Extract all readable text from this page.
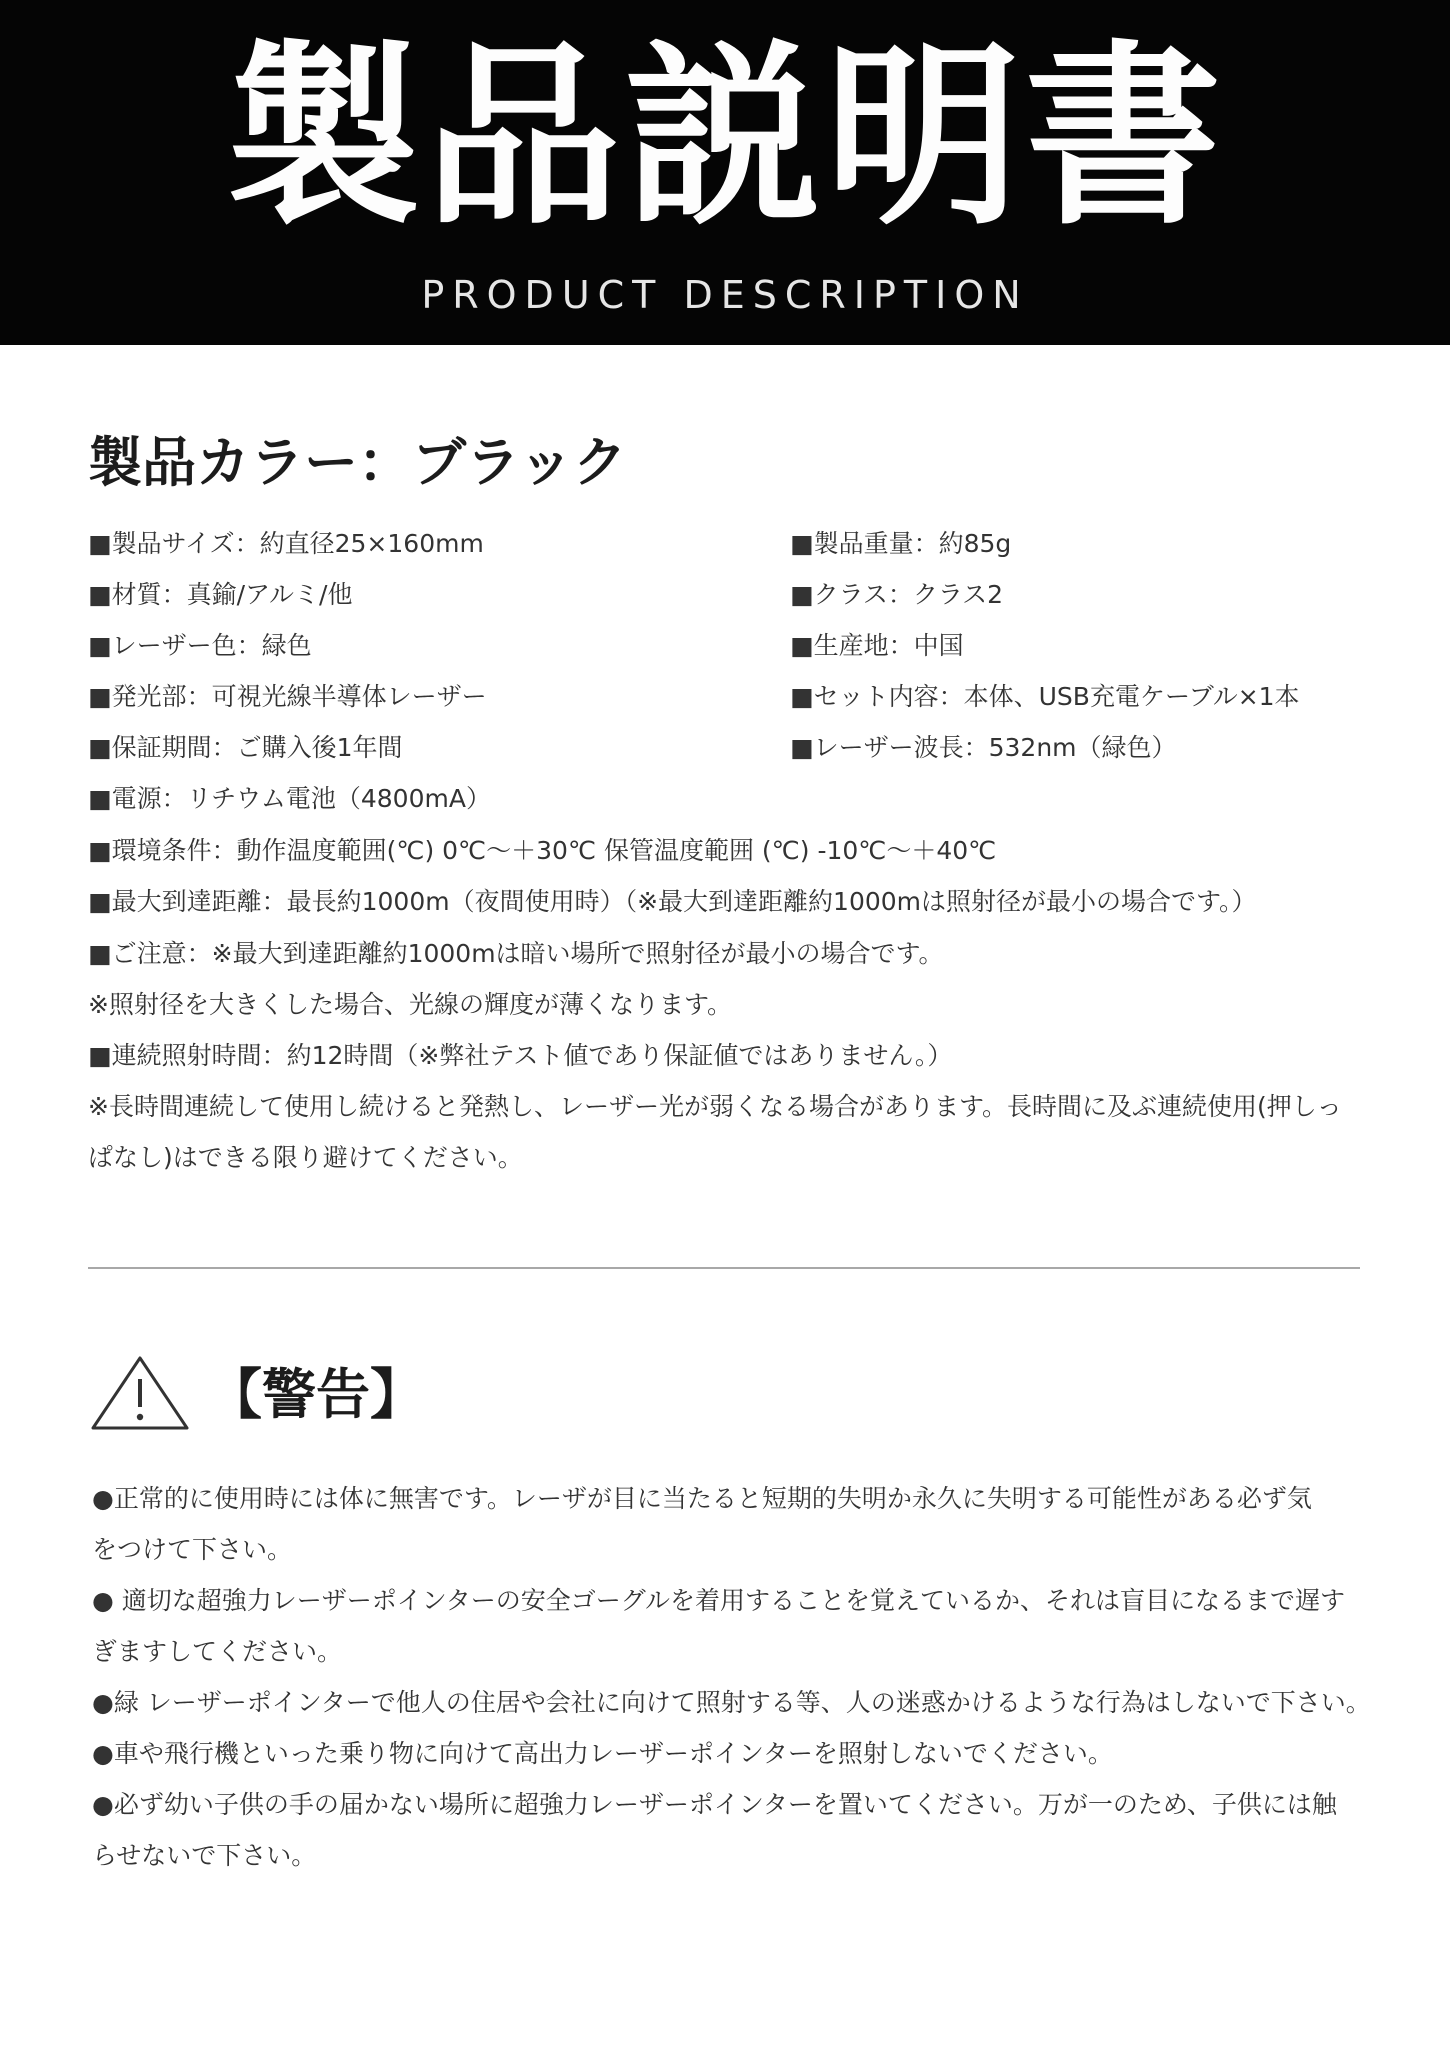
製品説明書
PRODUCT DESCRIPTION
製品カラー：ブラック
■製品サイズ：約直径25×160mm
■材質：真鍮/アルミ/他
■レーザー色：緑色
■発光部：可視光線半導体レーザー
■保証期間：ご購入後1年間
■製品重量：約85g
■クラス：クラス2
■生産地：中国
■セット内容：本体、USB充電ケーブル×1本
■レーザー波長：532nm（緑色）
■電源：リチウム電池（4800mA）
■環境条件：動作温度範囲(℃) 0℃～＋30℃ 保管温度範囲 (℃) -10℃～＋40℃
■最大到達距離：最長約1000m（夜間使用時）（※最大到達距離約1000mは照射径が最小の場合です。）
■ご注意：※最大到達距離約1000mは暗い場所で照射径が最小の場合です。
※照射径を大きくした場合、光線の輝度が薄くなります。
■連続照射時間：約12時間（※弊社テスト値であり保証値ではありません。）
※長時間連続して使用し続けると発熱し、レーザー光が弱くなる場合があります。長時間に及ぶ連続使用(押しっ
ぱなし)はできる限り避けてください。
【警告】
●正常的に使用時には体に無害です。レーザが目に当たると短期的失明か永久に失明する可能性がある必ず気
をつけて下さい。
● 適切な超強力レーザーポインターの安全ゴーグルを着用することを覚えているか、それは盲目になるまで遅す
ぎますしてください。
●緑 レーザーポインターで他人の住居や会社に向けて照射する等、人の迷惑かけるような行為はしないで下さい。
●車や飛行機といった乗り物に向けて高出力レーザーポインターを照射しないでください。
●必ず幼い子供の手の届かない場所に超強力レーザーポインターを置いてください。万が一のため、子供には触
らせないで下さい。
